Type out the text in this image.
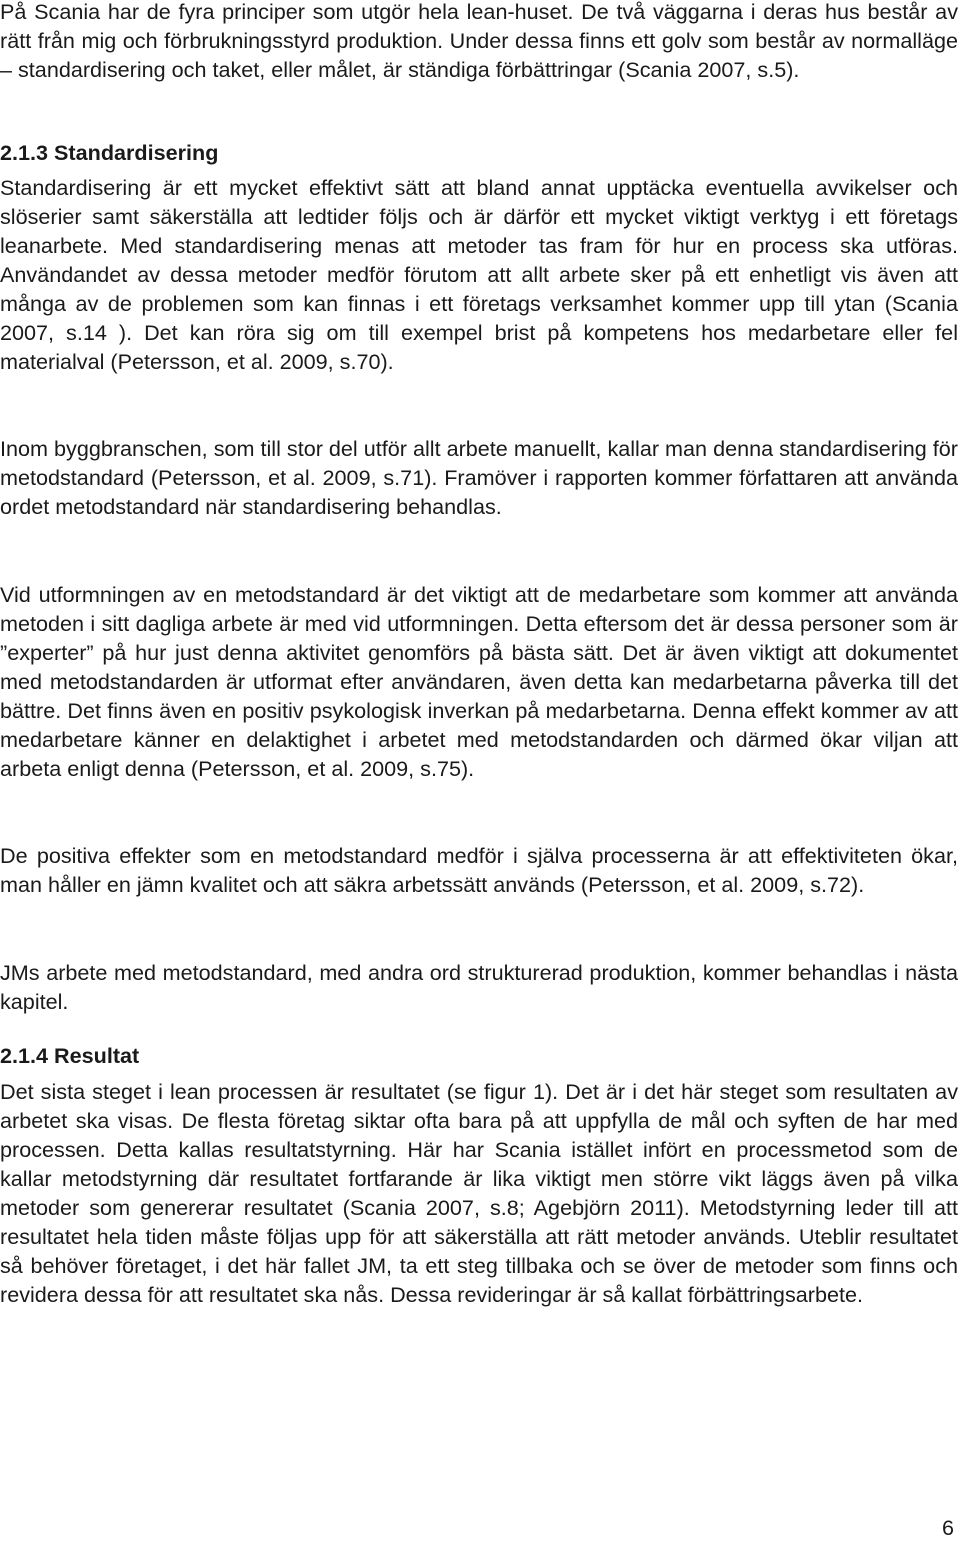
På Scania har de fyra principer som utgör hela lean-huset. De två väggarna i deras hus består av rätt från mig och förbrukningsstyrd produktion. Under dessa finns ett golv som består av normalläge – standardisering och taket, eller målet, är ständiga förbättringar (Scania 2007, s.5).

2.1.3 Standardisering

Standardisering är ett mycket effektivt sätt att bland annat upptäcka eventuella avvikelser och slöserier samt säkerställa att ledtider följs och är därför ett mycket viktigt verktyg i ett företags leanarbete. Med standardisering menas att metoder tas fram för hur en process ska utföras. Användandet av dessa metoder medför förutom att allt arbete sker på ett enhetligt vis även att många av de problemen som kan finnas i ett företags verksamhet kommer upp till ytan (Scania 2007, s.14 ). Det kan röra sig om till exempel brist på kompetens hos medarbetare eller fel materialval (Petersson, et al. 2009, s.70).

Inom byggbranschen, som till stor del utför allt arbete manuellt, kallar man denna standardisering för metodstandard (Petersson, et al. 2009, s.71). Framöver i rapporten kommer författaren att använda ordet metodstandard när standardisering behandlas.

Vid utformningen av en metodstandard är det viktigt att de medarbetare som kommer att använda metoden i sitt dagliga arbete är med vid utformningen. Detta eftersom det är dessa personer som är ”experter” på hur just denna aktivitet genomförs på bästa sätt. Det är även viktigt att dokumentet med metodstandarden är utformat efter användaren, även detta kan medarbetarna påverka till det bättre. Det finns även en positiv psykologisk inverkan på medarbetarna. Denna effekt kommer av att medarbetare känner en delaktighet i arbetet med metodstandarden och därmed ökar viljan att arbeta enligt denna (Petersson, et al. 2009, s.75).

De positiva effekter som en metodstandard medför i själva processerna är att effektiviteten ökar, man håller en jämn kvalitet och att säkra arbetssätt används (Petersson, et al. 2009, s.72).

JMs arbete med metodstandard, med andra ord strukturerad produktion, kommer behandlas i nästa kapitel.

2.1.4 Resultat

Det sista steget i lean processen är resultatet (se figur 1). Det är i det här steget som resultaten av arbetet ska visas. De flesta företag siktar ofta bara på att uppfylla de mål och syften de har med processen. Detta kallas resultatstyrning. Här har Scania istället infört en processmetod som de kallar metodstyrning där resultatet fortfarande är lika viktigt men större vikt läggs även på vilka metoder som genererar resultatet (Scania 2007, s.8; Agebjörn 2011). Metodstyrning leder till att resultatet hela tiden måste följas upp för att säkerställa att rätt metoder används. Uteblir resultatet så behöver företaget, i det här fallet JM, ta ett steg tillbaka och se över de metoder som finns och revidera dessa för att resultatet ska nås. Dessa revideringar är så kallat förbättringsarbete.

6
